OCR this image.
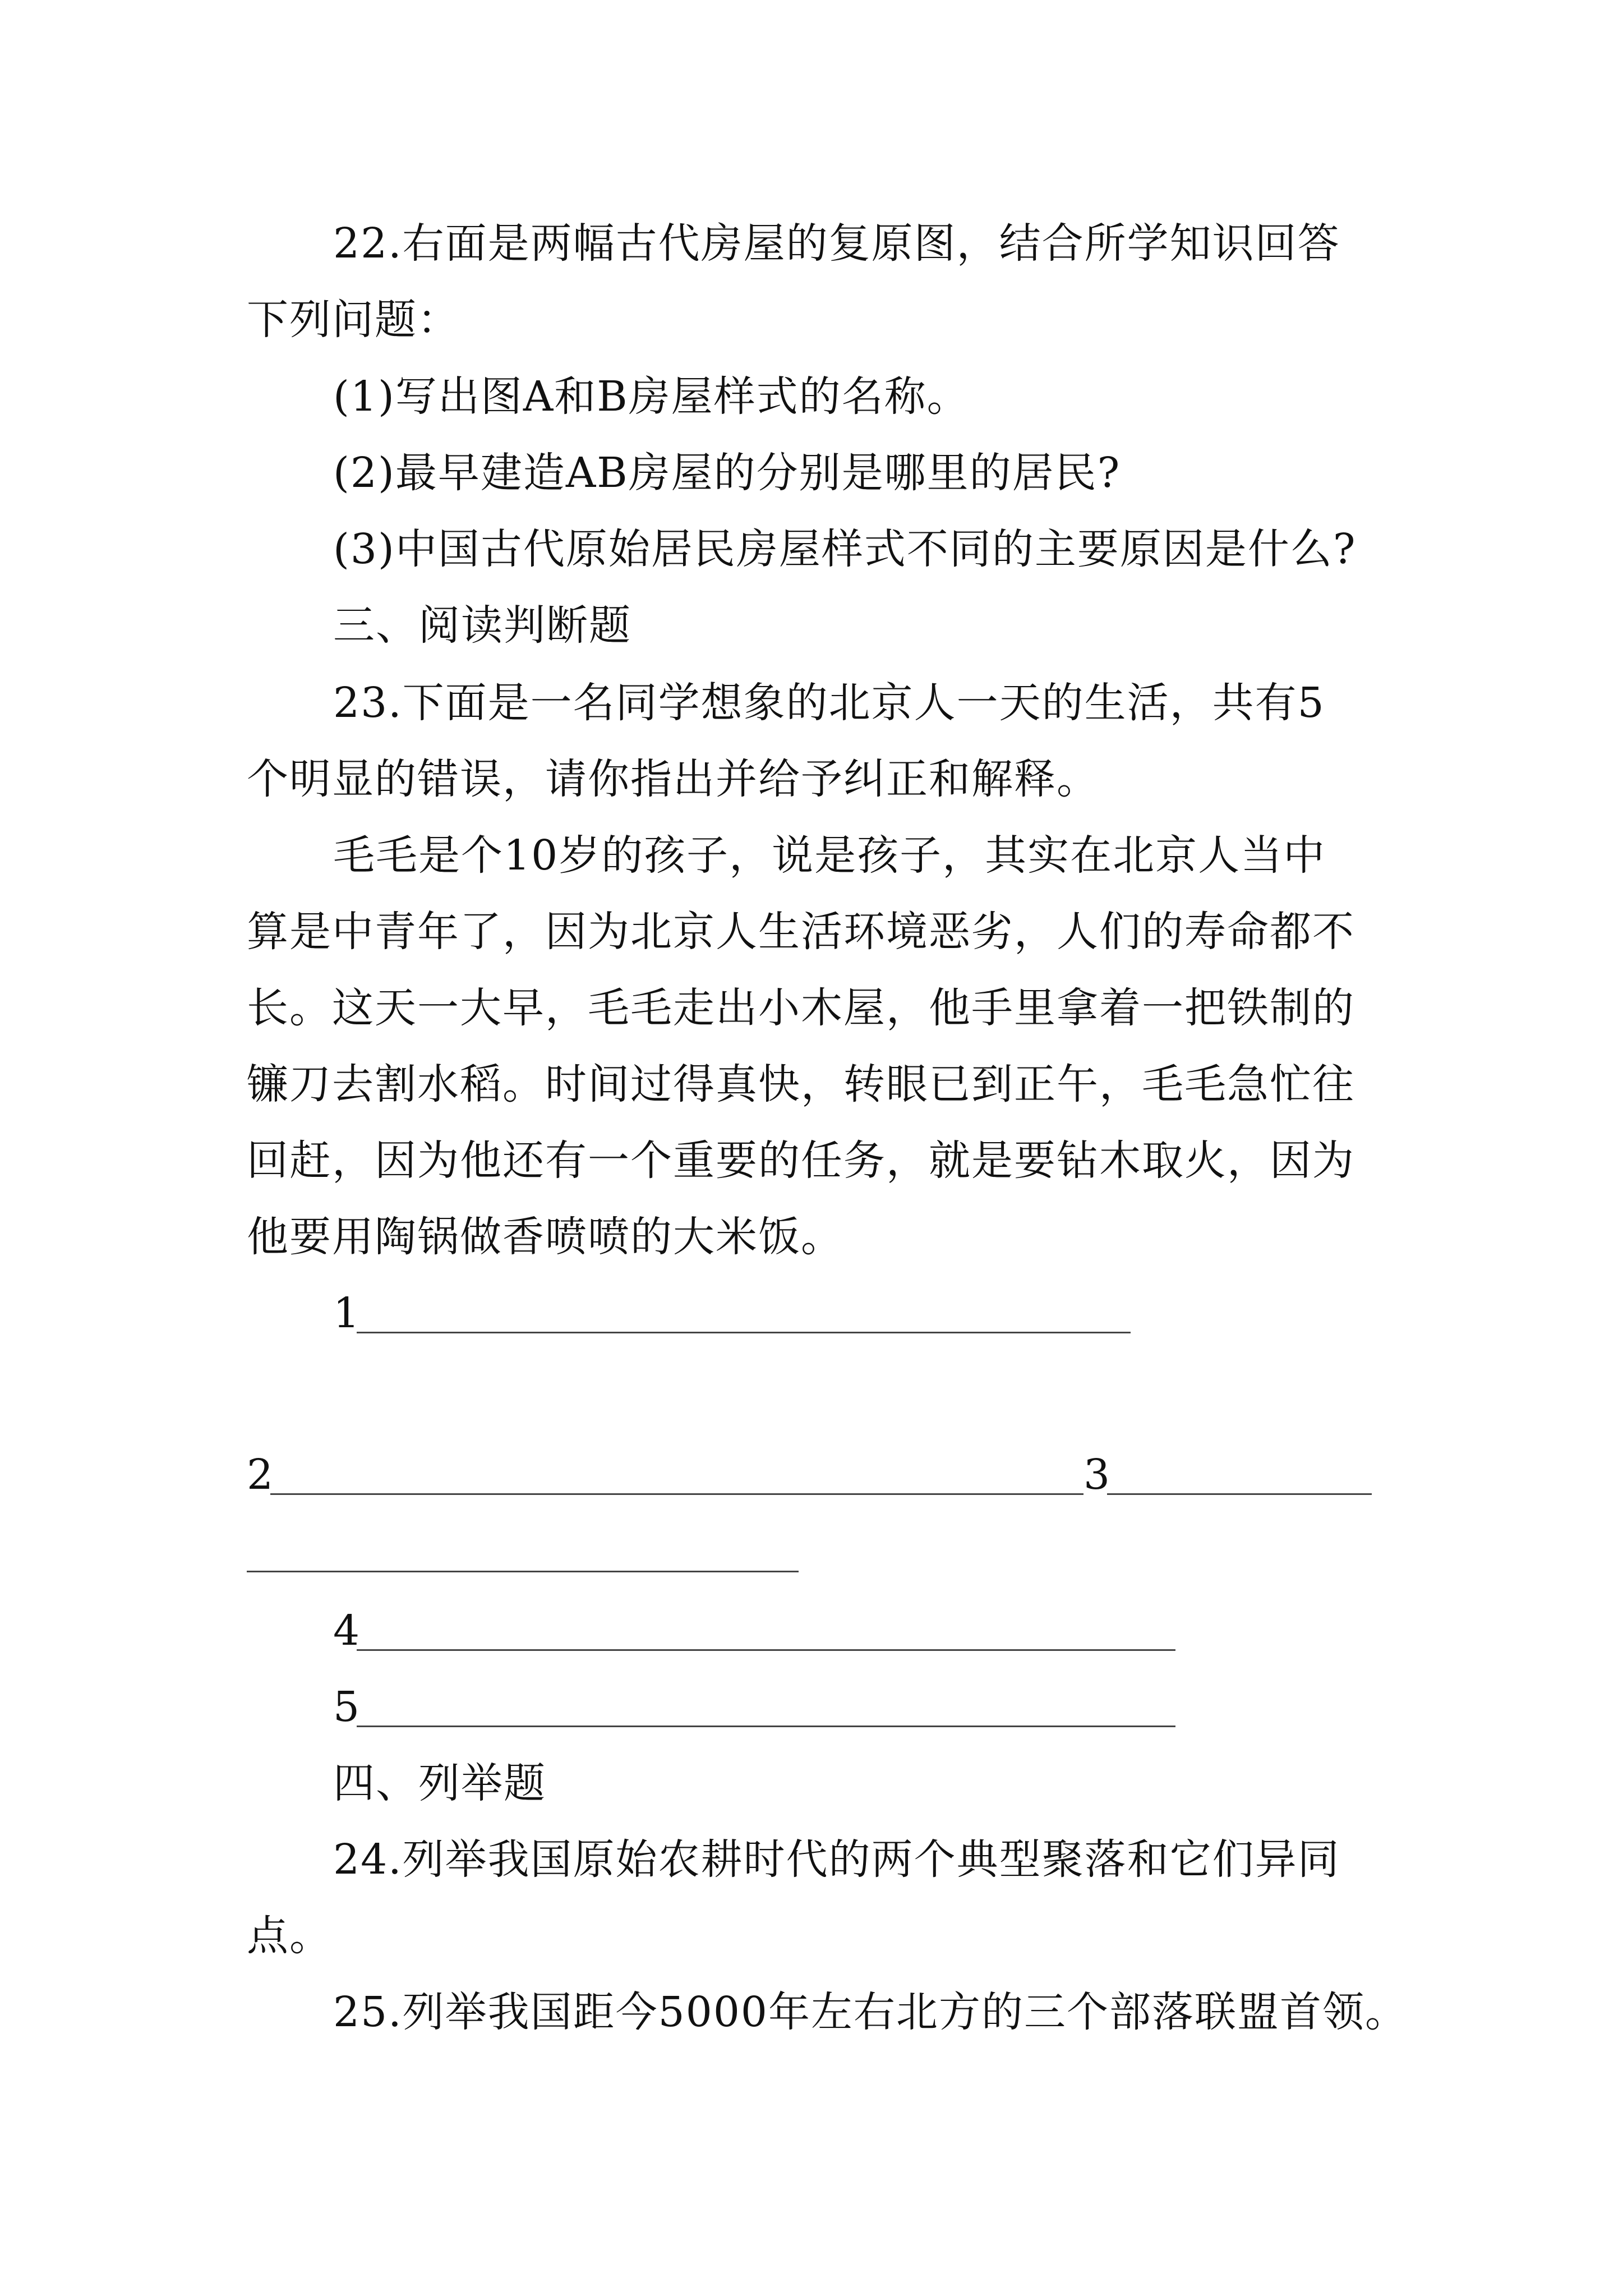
22.右面是两幅古代房屋的复原图，结合所学知识回答
下列问题：
(1)写出图A和B房屋样式的名称。
(2)最早建造AB房屋的分别是哪里的居民?
(3)中国古代原始居民房屋样式不同的主要原因是什么?
三、阅读判断题
23.下面是一名同学想象的北京人一天的生活，共有5
个明显的错误，请你指出并给予纠正和解释。
毛毛是个10岁的孩子，说是孩子，其实在北京人当中
算是中青年了，因为北京人生活环境恶劣，人们的寿命都不
长。这天一大早，毛毛走出小木屋，他手里拿着一把铁制的
镰刀去割水稻。时间过得真快，转眼已到正午，毛毛急忙往
回赶，因为他还有一个重要的任务，就是要钻木取火，因为
他要用陶锅做香喷喷的大米饭。
1
2	3
4
5
四、列举题
24.列举我国原始农耕时代的两个典型聚落和它们异同
点。
25.列举我国距今5000年左右北方的三个部落联盟首领。
